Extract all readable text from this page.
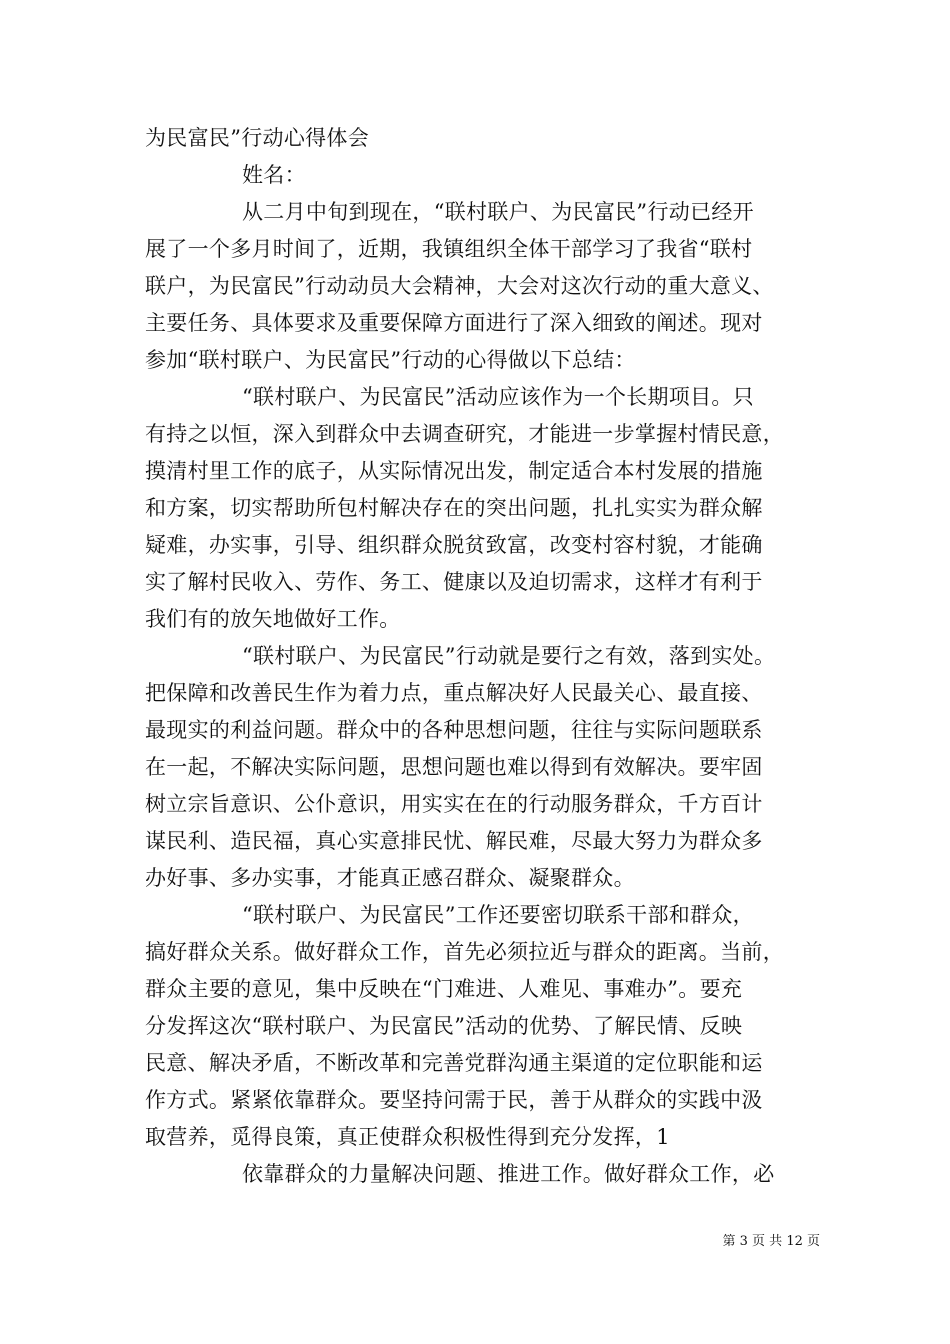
为民富民”行动心得体会
姓名：
从二月中旬到现在，“联村联户、为民富民”行动已经开
展了一个多月时间了，近期，我镇组织全体干部学习了我省“联村
联户，为民富民”行动动员大会精神，大会对这次行动的重大意义、
主要任务、具体要求及重要保障方面进行了深入细致的阐述。现对
参加“联村联户、为民富民”行动的心得做以下总结：
“联村联户、为民富民”活动应该作为一个长期项目。只
有持之以恒，深入到群众中去调查研究，才能进一步掌握村情民意，
摸清村里工作的底子，从实际情况出发，制定适合本村发展的措施
和方案，切实帮助所包村解决存在的突出问题，扎扎实实为群众解
疑难，办实事，引导、组织群众脱贫致富，改变村容村貌，才能确
实了解村民收入、劳作、务工、健康以及迫切需求，这样才有利于
我们有的放矢地做好工作。
“联村联户、为民富民”行动就是要行之有效，落到实处。
把保障和改善民生作为着力点，重点解决好人民最关心、最直接、
最现实的利益问题。群众中的各种思想问题，往往与实际问题联系
在一起，不解决实际问题，思想问题也难以得到有效解决。要牢固
树立宗旨意识、公仆意识，用实实在在的行动服务群众，千方百计
谋民利、造民福，真心实意排民忧、解民难，尽最大努力为群众多
办好事、多办实事，才能真正感召群众、凝聚群众。
“联村联户、为民富民”工作还要密切联系干部和群众，
搞好群众关系。做好群众工作，首先必须拉近与群众的距离。当前，
群众主要的意见，集中反映在“门难进、人难见、事难办”。要充
分发挥这次“联村联户、为民富民”活动的优势、了解民情、反映
民意、解决矛盾，不断改革和完善党群沟通主渠道的定位职能和运
作方式。紧紧依靠群众。要坚持问需于民，善于从群众的实践中汲
取营养，觅得良策，真正使群众积极性得到充分发挥，1
依靠群众的力量解决问题、推进工作。做好群众工作，必
第 3 页 共 12 页
